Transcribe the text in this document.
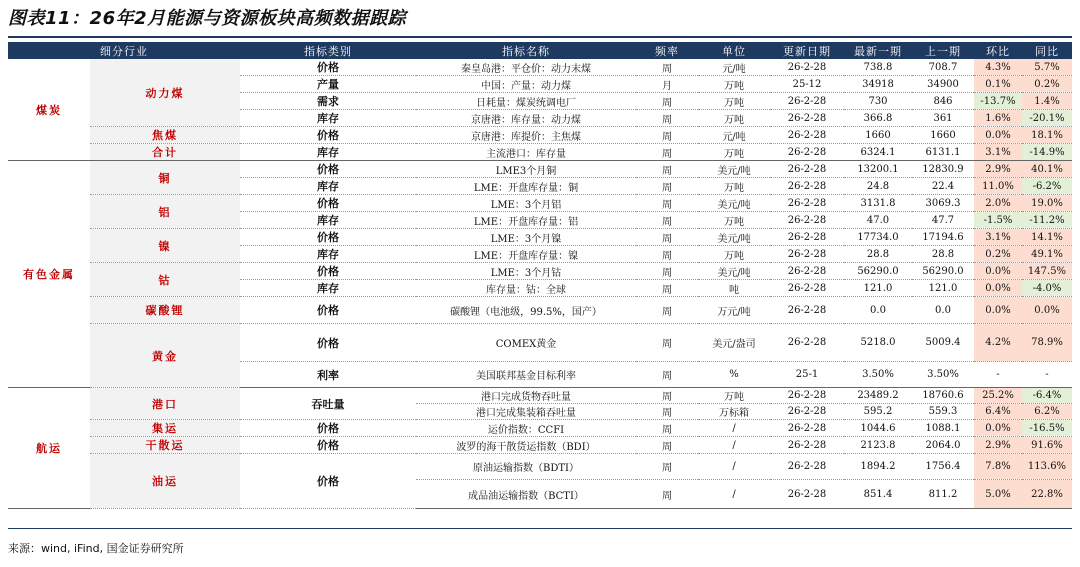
图表11：26年2月能源与资源板块高频数据跟踪
细分行业		指标类别	指标名称	频率	单位	更新日期	最新一期	上一期	环比	同比
煤炭	动力煤	价格	秦皇岛港：平仓价：动力末煤	周	元/吨	26-2-28	738.8	708.7	4.3%	5.7%
		产量	中国：产量：动力煤	月	万吨	25-12	34918	34900	0.1%	0.2%
		需求	日耗量：煤炭统调电厂	周	万吨	26-2-28	730	846	-13.7%	1.4%
		库存	京唐港：库存量：动力煤	周	万吨	26-2-28	366.8	361	1.6%	-20.1%
	焦煤	价格	京唐港：库提价：主焦煤	周	元/吨	26-2-28	1660	1660	0.0%	18.1%
	合计	库存	主流港口：库存量	周	万吨	26-2-28	6324.1	6131.1	3.1%	-14.9%
有色金属	铜	价格	LME3个月铜	周	美元/吨	26-2-28	13200.1	12830.9	2.9%	40.1%
		库存	LME：开盘库存量：铜	周	万吨	26-2-28	24.8	22.4	11.0%	-6.2%
	铝	价格	LME：3个月铝	周	美元/吨	26-2-28	3131.8	3069.3	2.0%	19.0%
		库存	LME：开盘库存量：铝	周	万吨	26-2-28	47.0	47.7	-1.5%	-11.2%
	镍	价格	LME：3个月镍	周	美元/吨	26-2-28	17734.0	17194.6	3.1%	14.1%
		库存	LME：开盘库存量：镍	周	万吨	26-2-28	28.8	28.8	0.2%	49.1%
	钴	价格	LME：3个月钴	周	美元/吨	26-2-28	56290.0	56290.0	0.0%	147.5%
		库存	库存量：钴：全球	周	吨	26-2-28	121.0	121.0	0.0%	-4.0%
	碳酸锂	价格	碳酸锂（电池级，99.5%，国产）	周	万元/吨	26-2-28	0.0	0.0	0.0%	0.0%
	黄金	价格	COMEX黄金	周	美元/盎司	26-2-28	5218.0	5009.4	4.2%	78.9%
		利率	美国联邦基金目标利率	周	%	25-1	3.50%	3.50%	-	-
航运	港口	吞吐量	港口完成货物吞吐量	周	万吨	26-2-28	23489.2	18760.6	25.2%	-6.4%
			港口完成集装箱吞吐量	周	万标箱	26-2-28	595.2	559.3	6.4%	6.2%
	集运	价格	运价指数：CCFI	周	/	26-2-28	1044.6	1088.1	0.0%	-16.5%
	干散运	价格	波罗的海干散货运指数（BDI）	周	/	26-2-28	2123.8	2064.0	2.9%	91.6%
	油运	价格	原油运输指数（BDTI）	周	/	26-2-28	1894.2	1756.4	7.8%	113.6%
			成品油运输指数（BCTI）	周	/	26-2-28	851.4	811.2	5.0%	22.8%
来源：wind, iFind, 国金证券研究所
